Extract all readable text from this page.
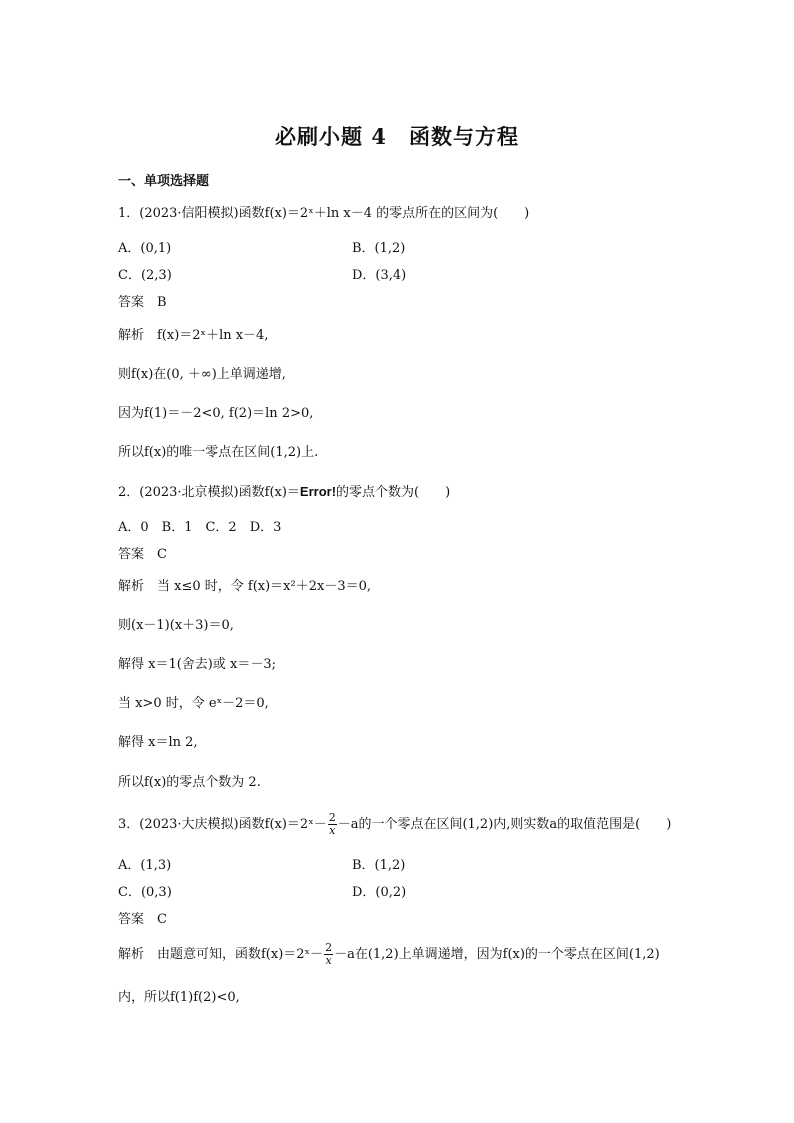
必刷小题 4　函数与方程
一、单项选择题
1．(2023·信阳模拟)函数f(x)＝2ˣ＋ln x－4 的零点所在的区间为(　　)
A．(0,1)	B．(1,2)
C．(2,3)	D．(3,4)
答案　B
解析　f(x)＝2ˣ＋ln x－4,
则f(x)在(0, ＋∞)上单调递增,
因为f(1)＝－2<0, f(2)＝ln 2>0,
所以f(x)的唯一零点在区间(1,2)上.
2．(2023·北京模拟)函数f(x)＝Error!的零点个数为(　　)
A．0　B．1　C．2　D．3
答案　C
解析　当 x≤0 时，令 f(x)＝x²＋2x－3＝0,
则(x－1)(x＋3)＝0,
解得 x＝1(舍去)或 x＝－3;
当 x>0 时，令 eˣ－2＝0,
解得 x＝ln 2,
所以f(x)的零点个数为 2.
3．(2023·大庆模拟)函数f(x)＝2ˣ－ $\frac{2}{x} -a$的一个零点在区间(1,2)内,则实数a的取值范围是(　　)
A．(1,3)	B．(1,2)
C．(0,3)	D．(0,2)
答案　C
解析　由题意可知，函数f(x)＝2ˣ－ $\frac{2}{x} -a$在(1,2)上单调递增，因为f(x)的一个零点在区间(1,2)
内，所以f(1)f(2)<0,
